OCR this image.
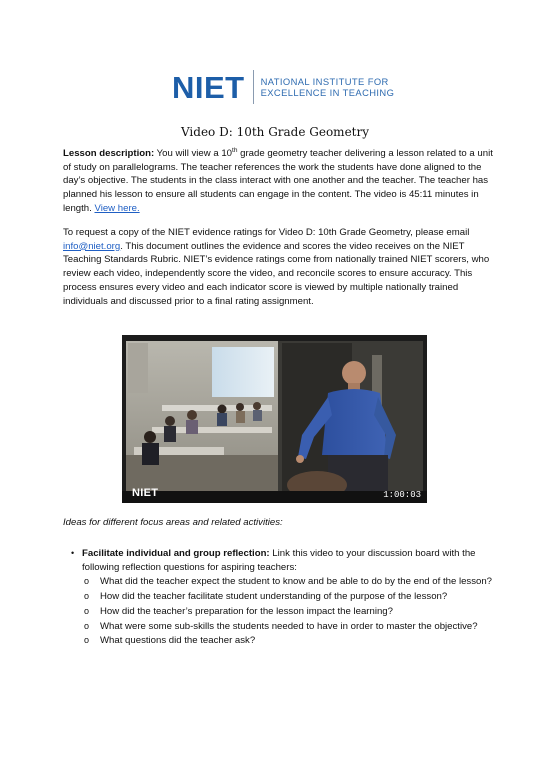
NIET NATIONAL INSTITUTE FOR
EXCELLENCE IN TEACHING
Video D: 10th Grade Geometry
Lesson description: You will view a 10th grade geometry teacher delivering a lesson related to a unit of study on parallelograms. The teacher references the work the students have done aligned to the day’s objective. The students in the class interact with one another and the teacher. The teacher has planned his lesson to ensure all students can engage in the content. The video is 45:11 minutes in length. View here.
To request a copy of the NIET evidence ratings for Video D: 10th Grade Geometry, please email info@niet.org. This document outlines the evidence and scores the video receives on the NIET Teaching Standards Rubric. NIET’s evidence ratings come from nationally trained NIET scorers, who review each video, independently score the video, and reconcile scores to ensure accuracy. This process ensures every video and each indicator score is viewed by multiple nationally trained individuals and discussed prior to a final rating assignment.
NIET	1:00:03
Ideas for different focus areas and related activities:
• Facilitate individual and group reflection: Link this video to your discussion board with the following reflection questions for aspiring teachers:
o What did the teacher expect the student to know and be able to do by the end of the lesson?
o How did the teacher facilitate student understanding of the purpose of the lesson?
o How did the teacher’s preparation for the lesson impact the learning?
o What were some sub-skills the students needed to have in order to master the objective?
o What questions did the teacher ask?
